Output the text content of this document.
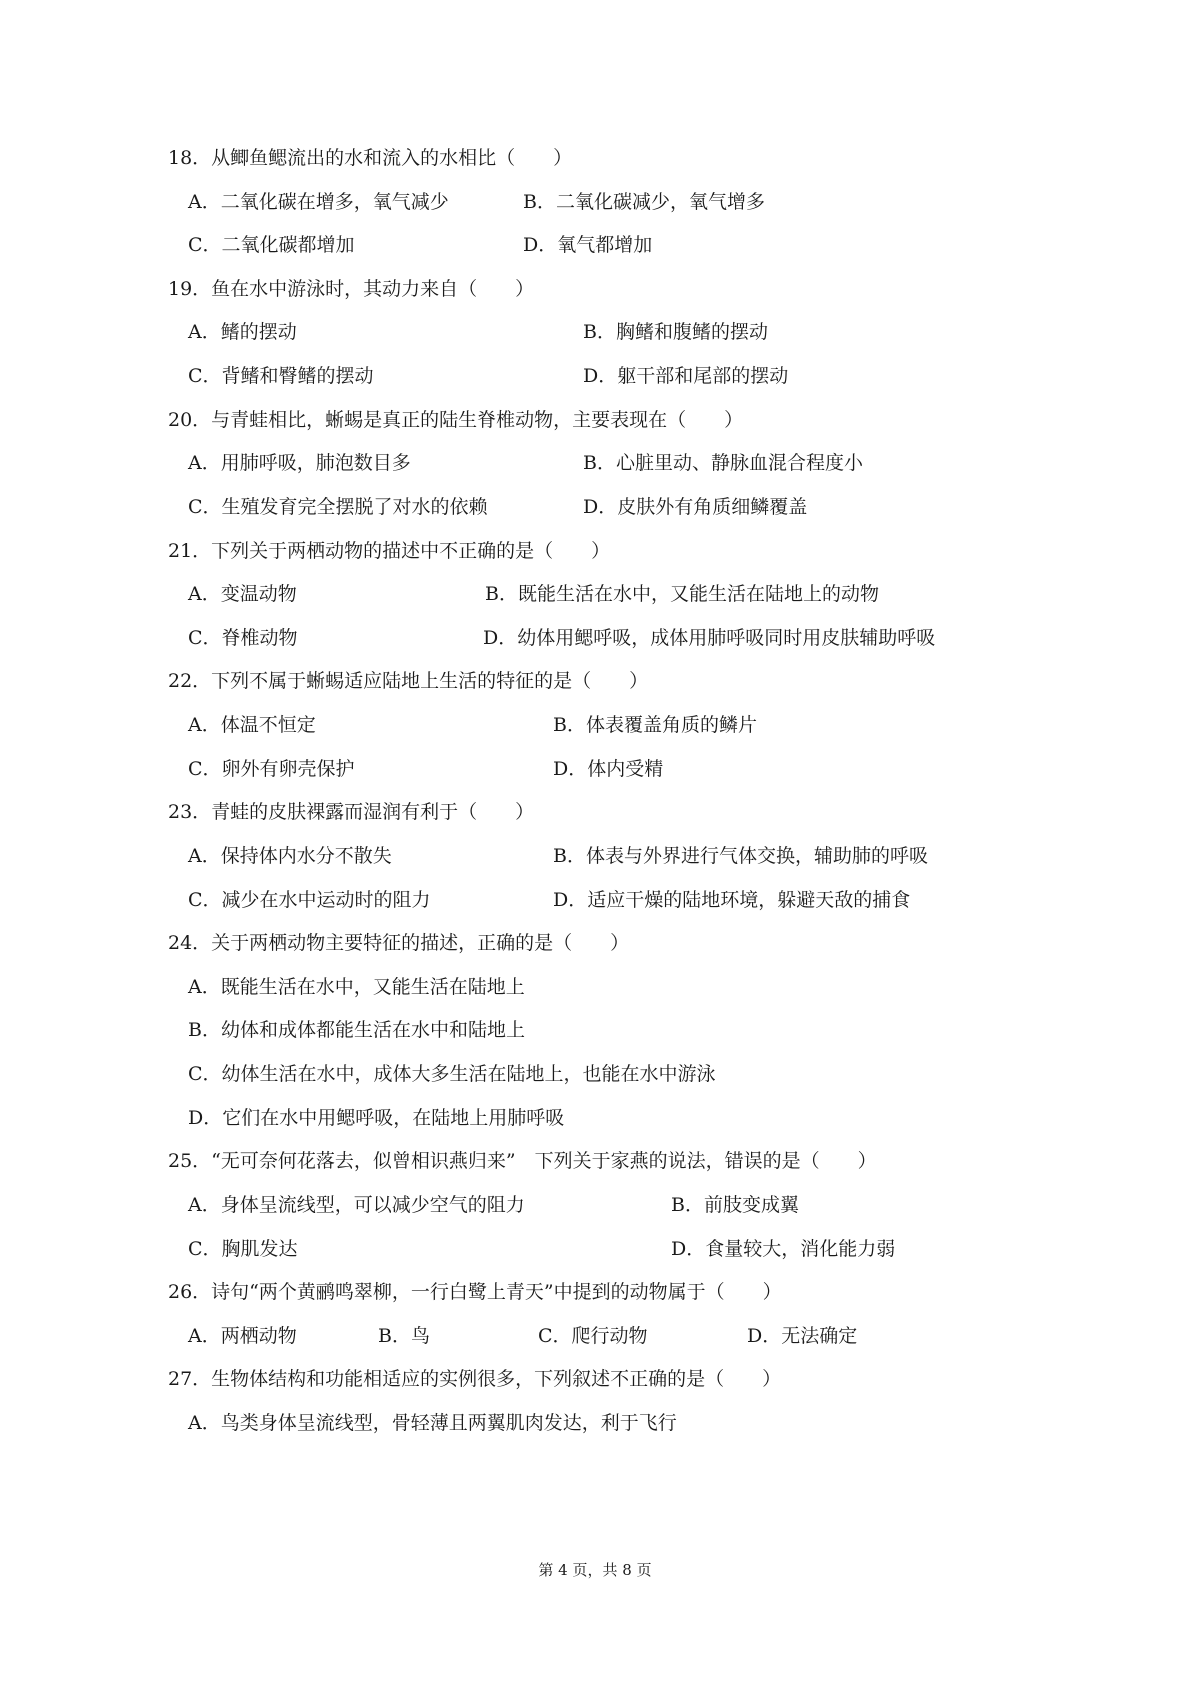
18．从鲫鱼鳃流出的水和流入的水相比（　　）
A．二氧化碳在增多，氧气减少	B．二氧化碳减少，氧气增多
C．二氧化碳都增加	D．氧气都增加
19．鱼在水中游泳时，其动力来自（　　）
A．鳍的摆动	B．胸鳍和腹鳍的摆动
C．背鳍和臀鳍的摆动	D．躯干部和尾部的摆动
20．与青蛙相比，蜥蜴是真正的陆生脊椎动物，主要表现在（　　）
A．用肺呼吸，肺泡数目多	B．心脏里动、静脉血混合程度小
C．生殖发育完全摆脱了对水的依赖	D．皮肤外有角质细鳞覆盖
21．下列关于两栖动物的描述中不正确的是（　　）
A．变温动物	B．既能生活在水中，又能生活在陆地上的动物
C．脊椎动物	D．幼体用鳃呼吸，成体用肺呼吸同时用皮肤辅助呼吸
22．下列不属于蜥蜴适应陆地上生活的特征的是（　　）
A．体温不恒定	B．体表覆盖角质的鳞片
C．卵外有卵壳保护	D．体内受精
23．青蛙的皮肤裸露而湿润有利于（　　）
A．保持体内水分不散失	B．体表与外界进行气体交换，辅助肺的呼吸
C．减少在水中运动时的阻力	D．适应干燥的陆地环境，躲避天敌的捕食
24．关于两栖动物主要特征的描述，正确的是（　　）
A．既能生活在水中，又能生活在陆地上
B．幼体和成体都能生活在水中和陆地上
C．幼体生活在水中，成体大多生活在陆地上，也能在水中游泳
D．它们在水中用鳃呼吸，在陆地上用肺呼吸
25．“无可奈何花落去，似曾相识燕归来”　下列关于家燕的说法，错误的是（　　）
A．身体呈流线型，可以减少空气的阻力	B．前肢变成翼
C．胸肌发达	D．食量较大，消化能力弱
26．诗句“两个黄鹂鸣翠柳，一行白鹭上青天”中提到的动物属于（　　）
A．两栖动物	B．鸟	C．爬行动物	D．无法确定
27．生物体结构和功能相适应的实例很多，下列叙述不正确的是（　　）
A．鸟类身体呈流线型，骨轻薄且两翼肌肉发达，利于飞行
第 4 页，共 8 页
